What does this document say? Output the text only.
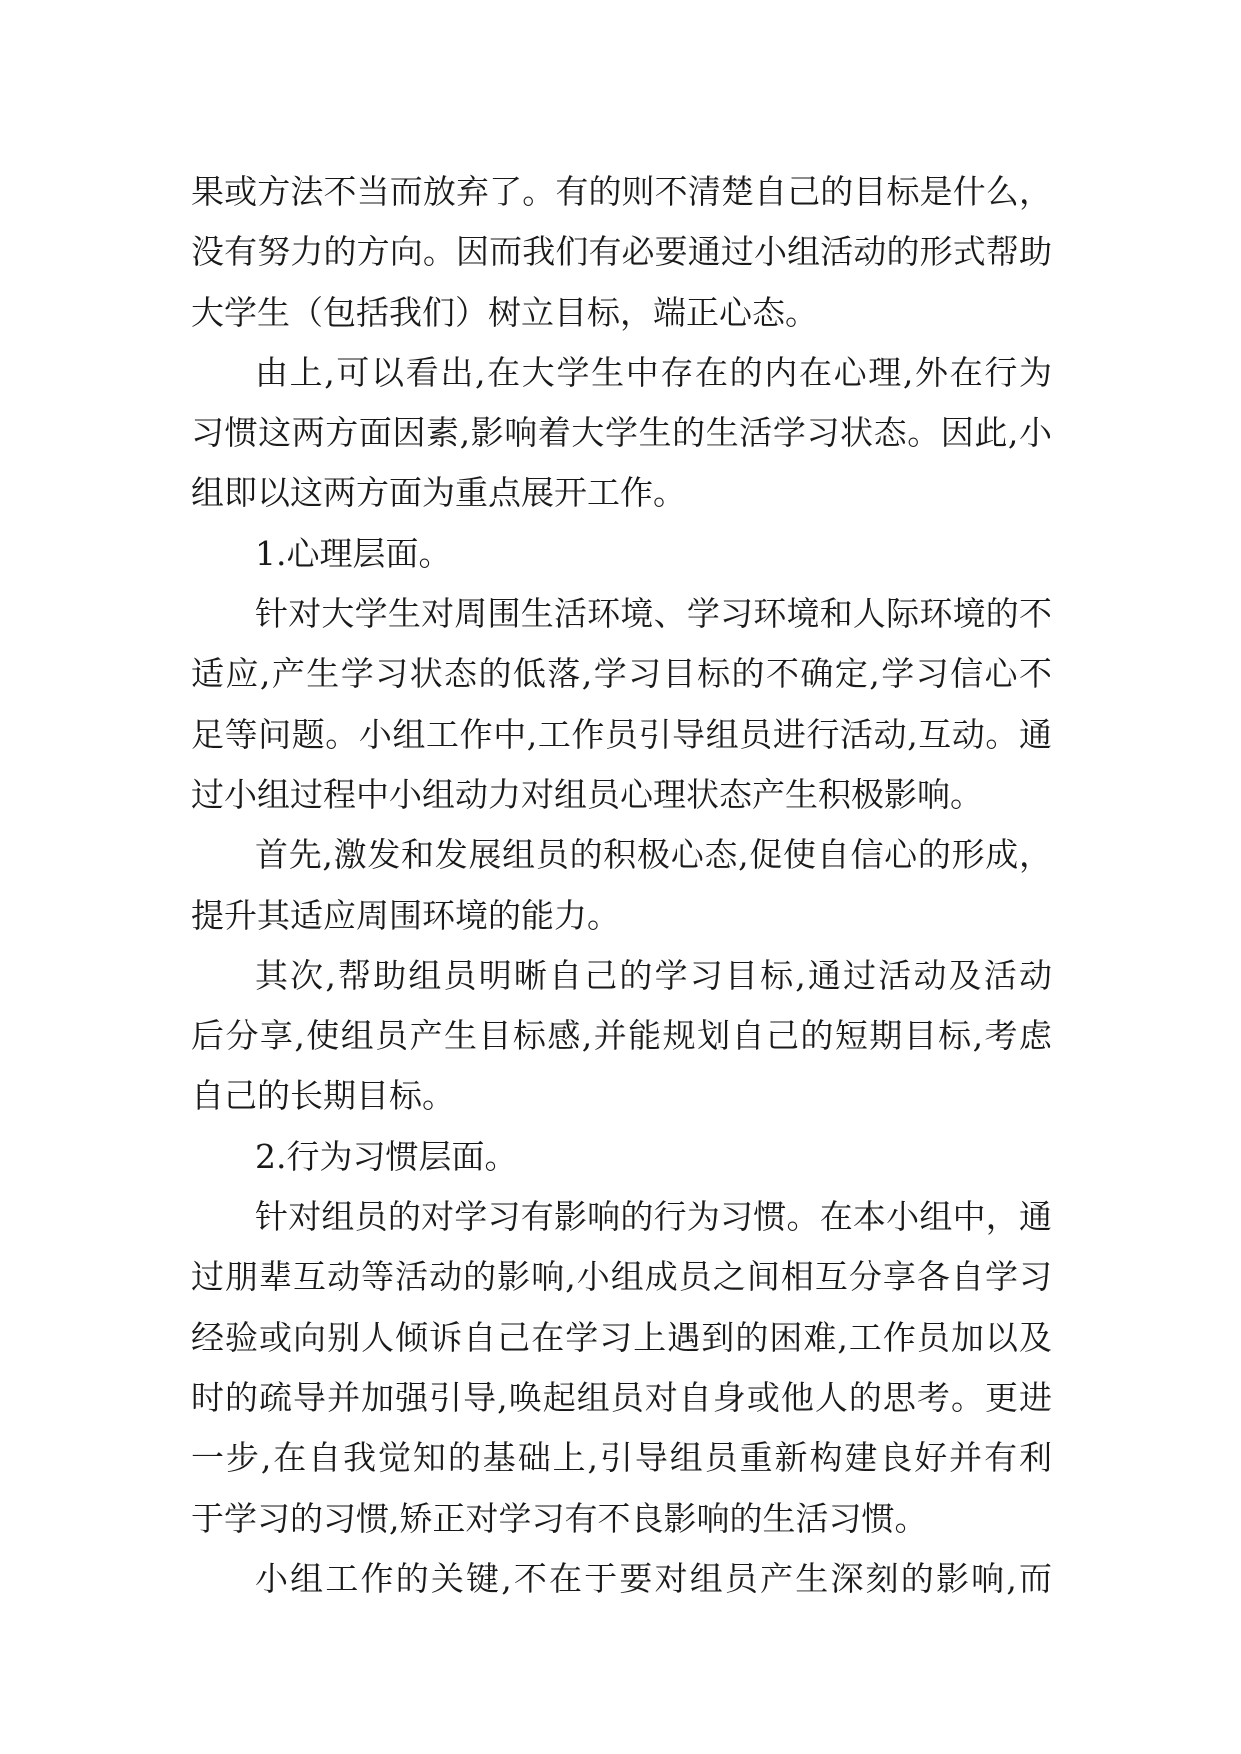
果或方法不当而放弃了。有的则不清楚自己的目标是什么，
没有努力的方向。因而我们有必要通过小组活动的形式帮助
大学生（包括我们）树立目标，端正心态。
由上,可以看出,在大学生中存在的内在心理,外在行为
习惯这两方面因素,影响着大学生的生活学习状态。因此,小
组即以这两方面为重点展开工作。
1.心理层面。
针对大学生对周围生活环境、学习环境和人际环境的不
适应,产生学习状态的低落,学习目标的不确定,学习信心不
足等问题。小组工作中,工作员引导组员进行活动,互动。通
过小组过程中小组动力对组员心理状态产生积极影响。
首先,激发和发展组员的积极心态,促使自信心的形成，
提升其适应周围环境的能力。
其次,帮助组员明晰自己的学习目标,通过活动及活动
后分享,使组员产生目标感,并能规划自己的短期目标,考虑
自己的长期目标。
2.行为习惯层面。
针对组员的对学习有影响的行为习惯。在本小组中，通
过朋辈互动等活动的影响,小组成员之间相互分享各自学习
经验或向别人倾诉自己在学习上遇到的困难,工作员加以及
时的疏导并加强引导,唤起组员对自身或他人的思考。更进
一步,在自我觉知的基础上,引导组员重新构建良好并有利
于学习的习惯,矫正对学习有不良影响的生活习惯。
小组工作的关键,不在于要对组员产生深刻的影响,而
